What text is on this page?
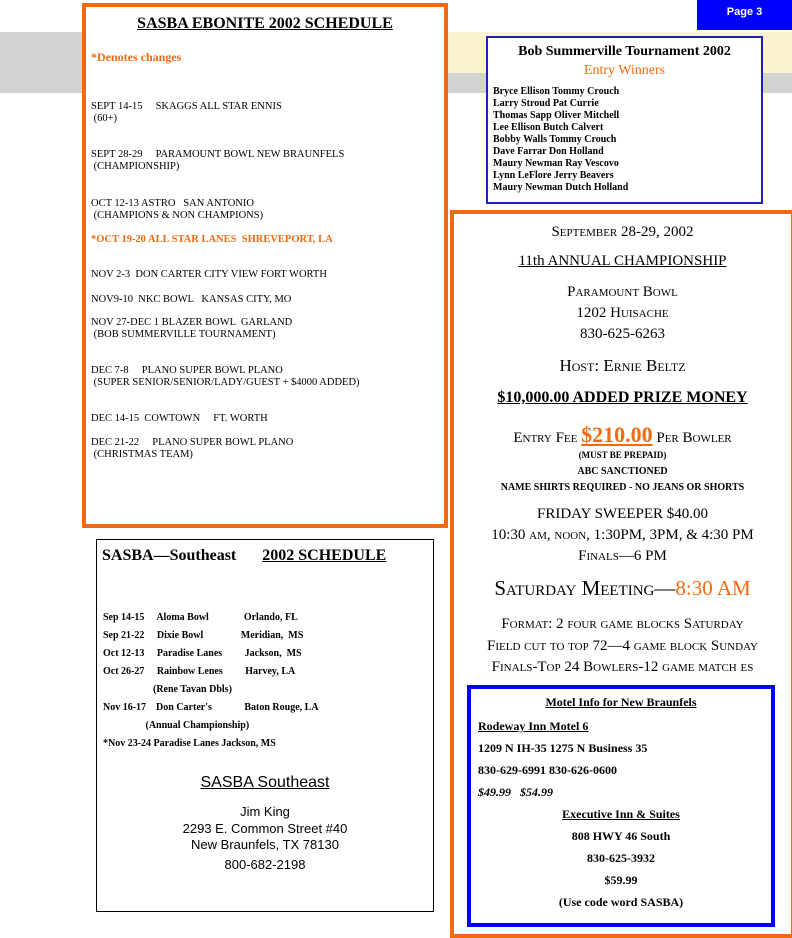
Page 3
SASBA EBONITE 2002 SCHEDULE
*Denotes changes
SEPT 14-15     SKAGGS ALL STAR ENNIS
(60+)
SEPT 28-29     PARAMOUNT BOWL NEW BRAUNFELS
(CHAMPIONSHIP)
OCT 12-13 ASTRO   SAN ANTONIO
(CHAMPIONS & NON CHAMPIONS)
*OCT 19-20 ALL STAR LANES  SHREVEPORT, LA
NOV 2-3  DON CARTER CITY VIEW FORT WORTH
NOV9-10  NKC BOWL   KANSAS CITY, MO
NOV 27-DEC 1 BLAZER BOWL  GARLAND
(BOB SUMMERVILLE TOURNAMENT)
DEC 7-8     PLANO SUPER BOWL PLANO
(SUPER SENIOR/SENIOR/LADY/GUEST + $4000 ADDED)
DEC 14-15  COWTOWN     FT. WORTH
DEC 21-22     PLANO SUPER BOWL PLANO
(CHRISTMAS TEAM)
Bob Summerville Tournament 2002
Entry Winners
Bryce Ellison Tommy Crouch
Larry Stroud Pat Currie
Thomas Sapp Oliver Mitchell
Lee Ellison Butch Calvert
Bobby Walls Tommy Crouch
Dave Farrar Don Holland
Maury Newman Ray Vescovo
Lynn LeFlore Jerry Beavers
Maury Newman Dutch Holland
September 28-29, 2002
11th ANNUAL CHAMPIONSHIP
Paramount Bowl
1202 Huisache
830-625-6263
Host: Ernie Beltz
$10,000.00 ADDED PRIZE MONEY
Entry Fee $210.00 Per Bowler
(MUST BE PREPAID)
ABC SANCTIONED
NAME SHIRTS REQUIRED - NO JEANS OR SHORTS
FRIDAY SWEEPER $40.00
10:30 am, noon, 1:30PM, 3PM, & 4:30 PM
Finals—6 PM
Saturday Meeting—8:30 AM
Format: 2 four game blocks Saturday
Field cut to top 72—4 game block Sunday
Finals-Top 24 Bowlers-12 game match es
Motel Info for New Braunfels
Rodeway Inn Motel 6
1209 N IH-35 1275 N Business 35
830-629-6991 830-626-0600
$49.99   $54.99
Executive Inn & Suites
808 HWY 46 South
830-625-3932
$59.99
(Use code word SASBA)
SASBA—Southeast 2002 SCHEDULE
Sep 14-15     Aloma Bowl              Orlando, FL
Sep 21-22     Dixie Bowl               Meridian,  MS
Oct 12-13     Paradise Lanes         Jackson,  MS
Oct 26-27     Rainbow Lenes         Harvey, LA
(Rene Tavan Dbls)
Nov 16-17    Don Carter's             Baton Rouge, LA
(Annual Championship)
*Nov 23-24 Paradise Lanes Jackson, MS
SASBA Southeast
Jim King
2293 E. Common Street #40
New Braunfels, TX 78130
800-682-2198
